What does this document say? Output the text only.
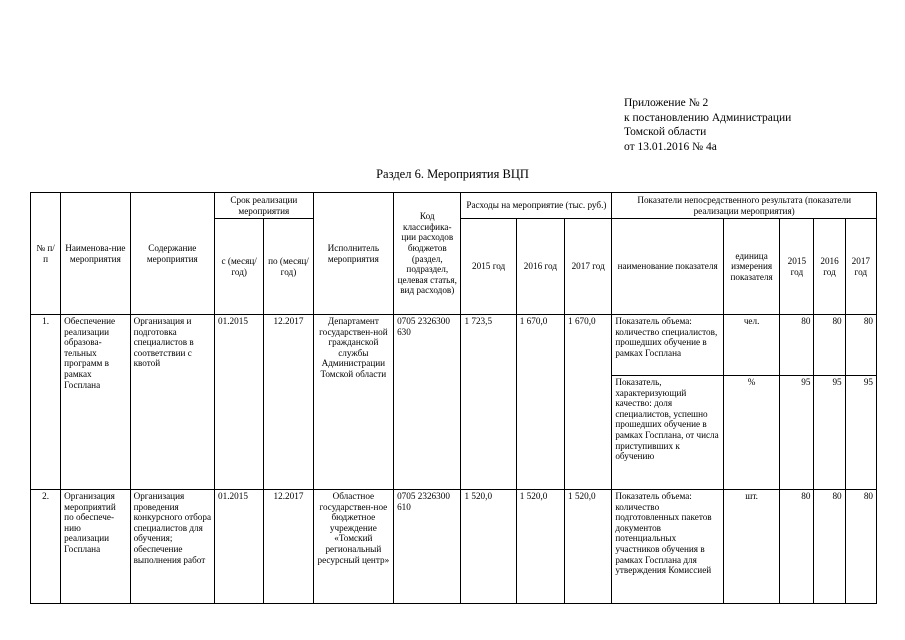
Приложение № 2
к постановлению Администрации
Томской области
от 13.01.2016 № 4а
Раздел 6. Мероприятия ВЦП
№ п/п	Наименова-ние мероприятия	Содержание мероприятия	Срок реализации мероприятия		Исполнитель мероприятия	Код классифика-ции расходов бюджетов (раздел, подраздел, целевая статья, вид расходов)	Расходы на мероприятие (тыс. руб.)			Показатели непосредственного результата (показатели реализации мероприятия)				
			с (месяц/ год)	по (месяц/ год)			2015 год	2016 год	2017 год	наименование показателя	единица измерения показателя	2015 год	2016 год	2017 год
1.	Обеспечение реализации образова-тельных программ в рамках Госплана	Организация и подготовка специалистов в соответствии с квотой	01.2015	12.2017	Департамент государствен-ной гражданской службы Администрации Томской области	0705 2326300 630	1 723,5	1 670,0	1 670,0	Показатель объема: количество специалистов, прошедших обучение в рамках Госплана	чел.	80	80	80
										Показатель, характеризующий качество: доля специалистов, успешно прошедших обучение в рамках Госплана, от числа приступивших к обучению	%	95	95	95
2.	Организация мероприятий по обеспече-нию реализации Госплана	Организация проведения конкурсного отбора специалистов для обучения; обеспечение выполнения работ	01.2015	12.2017	Областное государствен-ное бюджетное учреждение «Томский региональный ресурсный центр»	0705 2326300 610	1 520,0	1 520,0	1 520,0	Показатель объема: количество подготовленных пакетов документов потенциальных участников обучения в рамках Госплана для утверждения Комиссией	шт.	80	80	80
